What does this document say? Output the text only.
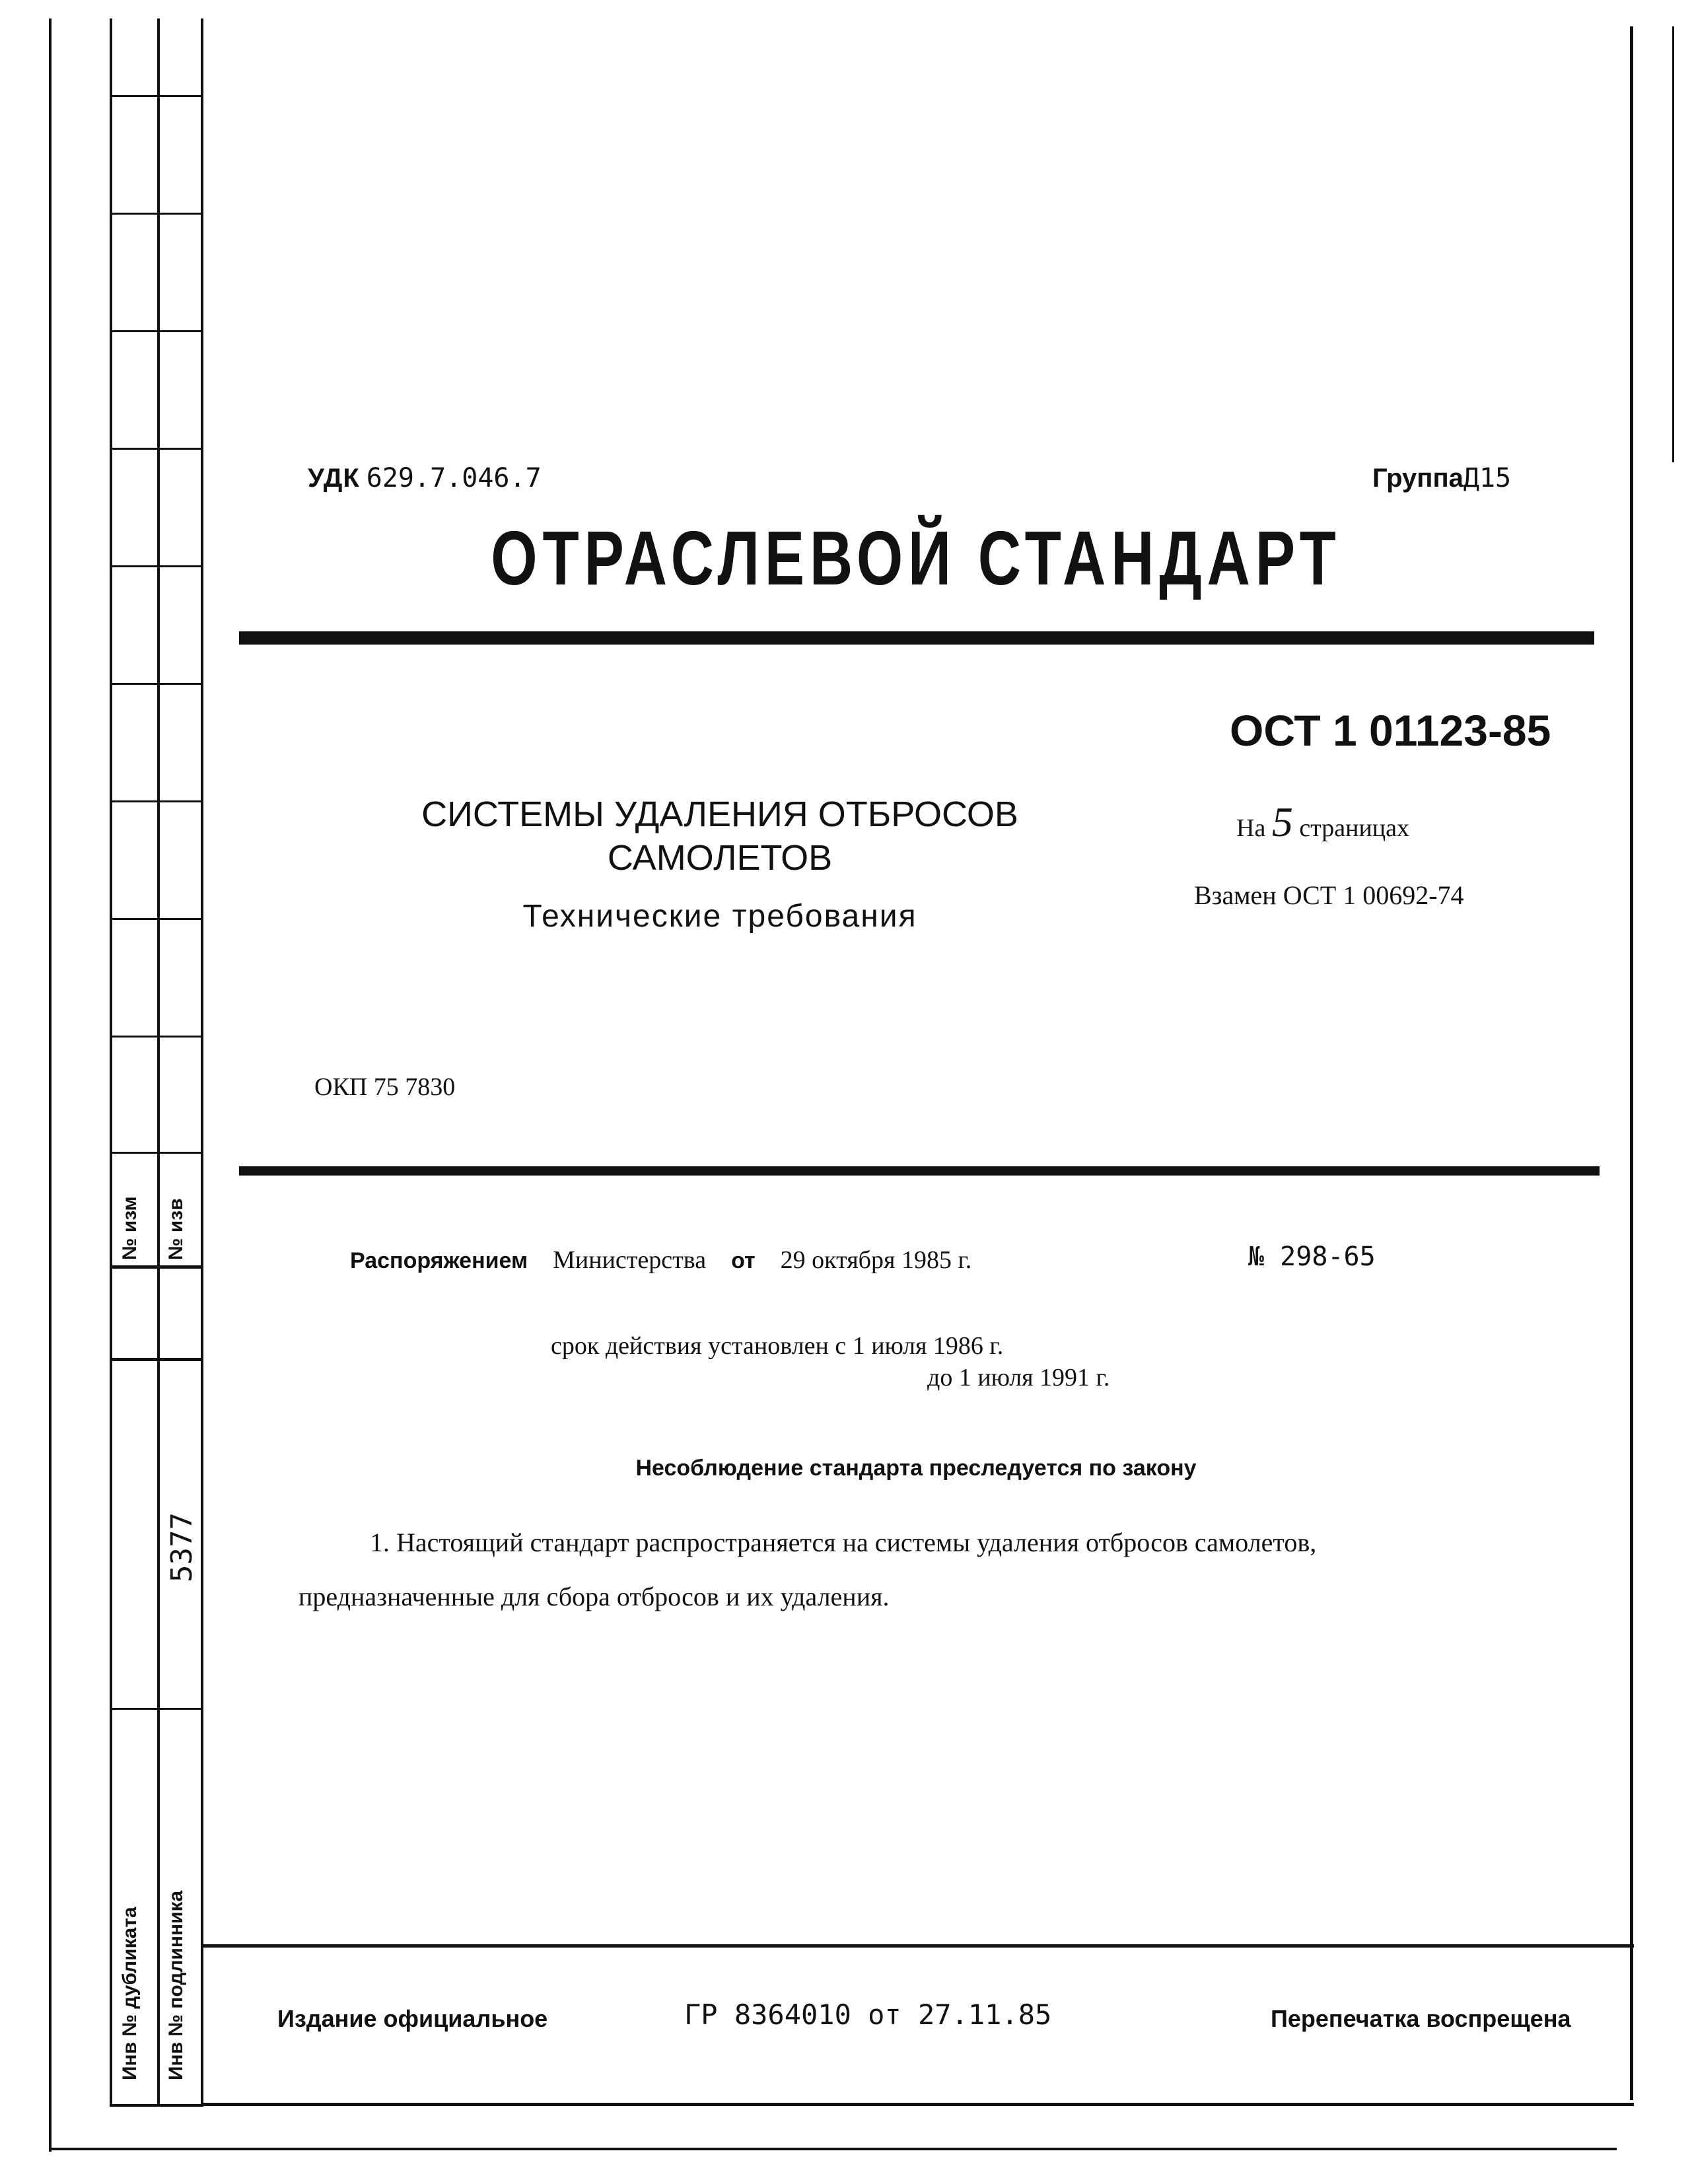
№ изм № изв
5377
Инв № дубликата Инв № подлинника
УДК 629.7.046.7	ГруппаД15
ОТРАСЛЕВОЙ СТАНДАРТ
ОСТ 1 01123-85
На 5 страницах
Взамен ОСТ 1 00692-74
СИСТЕМЫ УДАЛЕНИЯ ОТБРОСОВ
САМОЛЕТОВ
Технические требования
ОКП 75 7830
Распоряжением Министерства от 29 октября 1985 г.	№ 298-65
срок действия установлен с 1 июля 1986 г.
до 1 июля 1991 г.
Несоблюдение стандарта преследуется по закону
1. Настоящий стандарт распространяется на системы удаления отбросов самолетов,
предназначенные для сбора отбросов и их удаления.
Издание официальное	ГР 8364010 от 27.11.85	Перепечатка воспрещена
